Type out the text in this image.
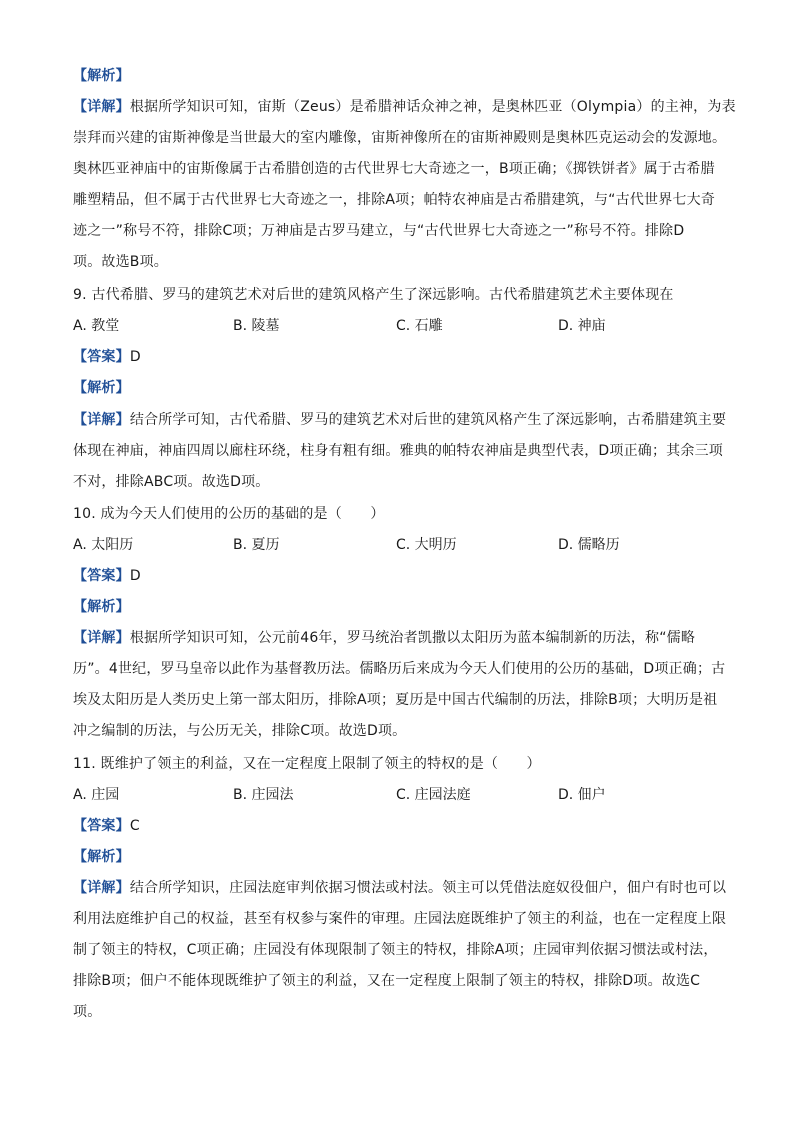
【解析】
【详解】根据所学知识可知，宙斯（Zeus）是希腊神话众神之神，是奥林匹亚（Olympia）的主神，为表
崇拜而兴建的宙斯神像是当世最大的室内雕像，宙斯神像所在的宙斯神殿则是奥林匹克运动会的发源地。
奥林匹亚神庙中的宙斯像属于古希腊创造的古代世界七大奇迹之一，B项正确；《掷铁饼者》属于古希腊
雕塑精品，但不属于古代世界七大奇迹之一，排除A项；帕特农神庙是古希腊建筑，与“古代世界七大奇
迹之一”称号不符，排除C项；万神庙是古罗马建立，与“古代世界七大奇迹之一”称号不符。排除D
项。故选B项。
9. 古代希腊、罗马的建筑艺术对后世的建筑风格产生了深远影响。古代希腊建筑艺术主要体现在
A. 教堂	B. 陵墓	C. 石雕	D. 神庙
【答案】D
【解析】
【详解】结合所学可知，古代希腊、罗马的建筑艺术对后世的建筑风格产生了深远影响，古希腊建筑主要
体现在神庙，神庙四周以廊柱环绕，柱身有粗有细。雅典的帕特农神庙是典型代表，D项正确；其余三项
不对，排除ABC项。故选D项。
10. 成为今天人们使用的公历的基础的是（　　）
A. 太阳历	B. 夏历	C. 大明历	D. 儒略历
【答案】D
【解析】
【详解】根据所学知识可知，公元前46年，罗马统治者凯撒以太阳历为蓝本编制新的历法，称“儒略
历”。4世纪，罗马皇帝以此作为基督教历法。儒略历后来成为今天人们使用的公历的基础，D项正确；古
埃及太阳历是人类历史上第一部太阳历，排除A项；夏历是中国古代编制的历法，排除B项；大明历是祖
冲之编制的历法，与公历无关，排除C项。故选D项。
11. 既维护了领主的利益，又在一定程度上限制了领主的特权的是（　　）
A. 庄园	B. 庄园法	C. 庄园法庭	D. 佃户
【答案】C
【解析】
【详解】结合所学知识，庄园法庭审判依据习惯法或村法。领主可以凭借法庭奴役佃户，佃户有时也可以
利用法庭维护自己的权益，甚至有权参与案件的审理。庄园法庭既维护了领主的利益，也在一定程度上限
制了领主的特权，C项正确；庄园没有体现限制了领主的特权，排除A项；庄园审判依据习惯法或村法，
排除B项；佃户不能体现既维护了领主的利益，又在一定程度上限制了领主的特权，排除D项。故选C
项。
